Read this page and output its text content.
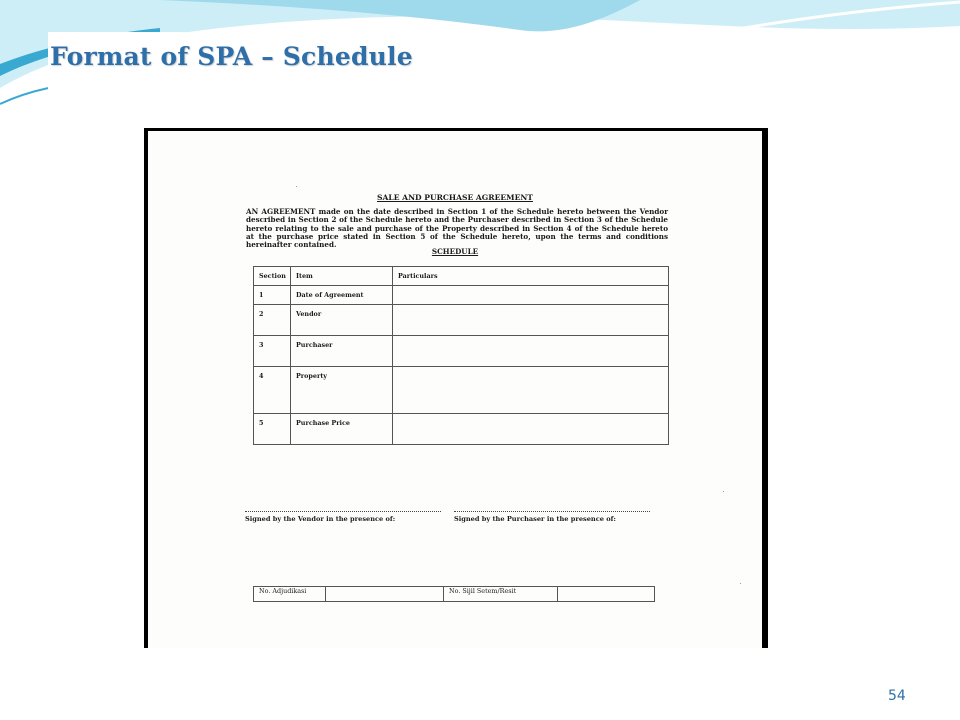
Format of SPA – Schedule
SALE AND PURCHASE AGREEMENT
AN AGREEMENT made on the date described in Section 1 of the Schedule hereto between the Vendor described in Section 2 of the Schedule hereto and the Purchaser described in Section 3 of the Schedule hereto relating to the sale and purchase of the Property described in Section 4 of the Schedule hereto at the purchase price stated in Section 5 of the Schedule hereto, upon the terms and conditions hereinafter contained.
SCHEDULE
Section	Item	Particulars
1	Date of Agreement	
2	Vendor	
3	Purchaser	
4	Property	
5	Purchase Price	
Signed by the Vendor in the presence of:	Signed by the Purchaser in the presence of:
No. Adjudikasi		No. Sijil Setem/Resit	
54
